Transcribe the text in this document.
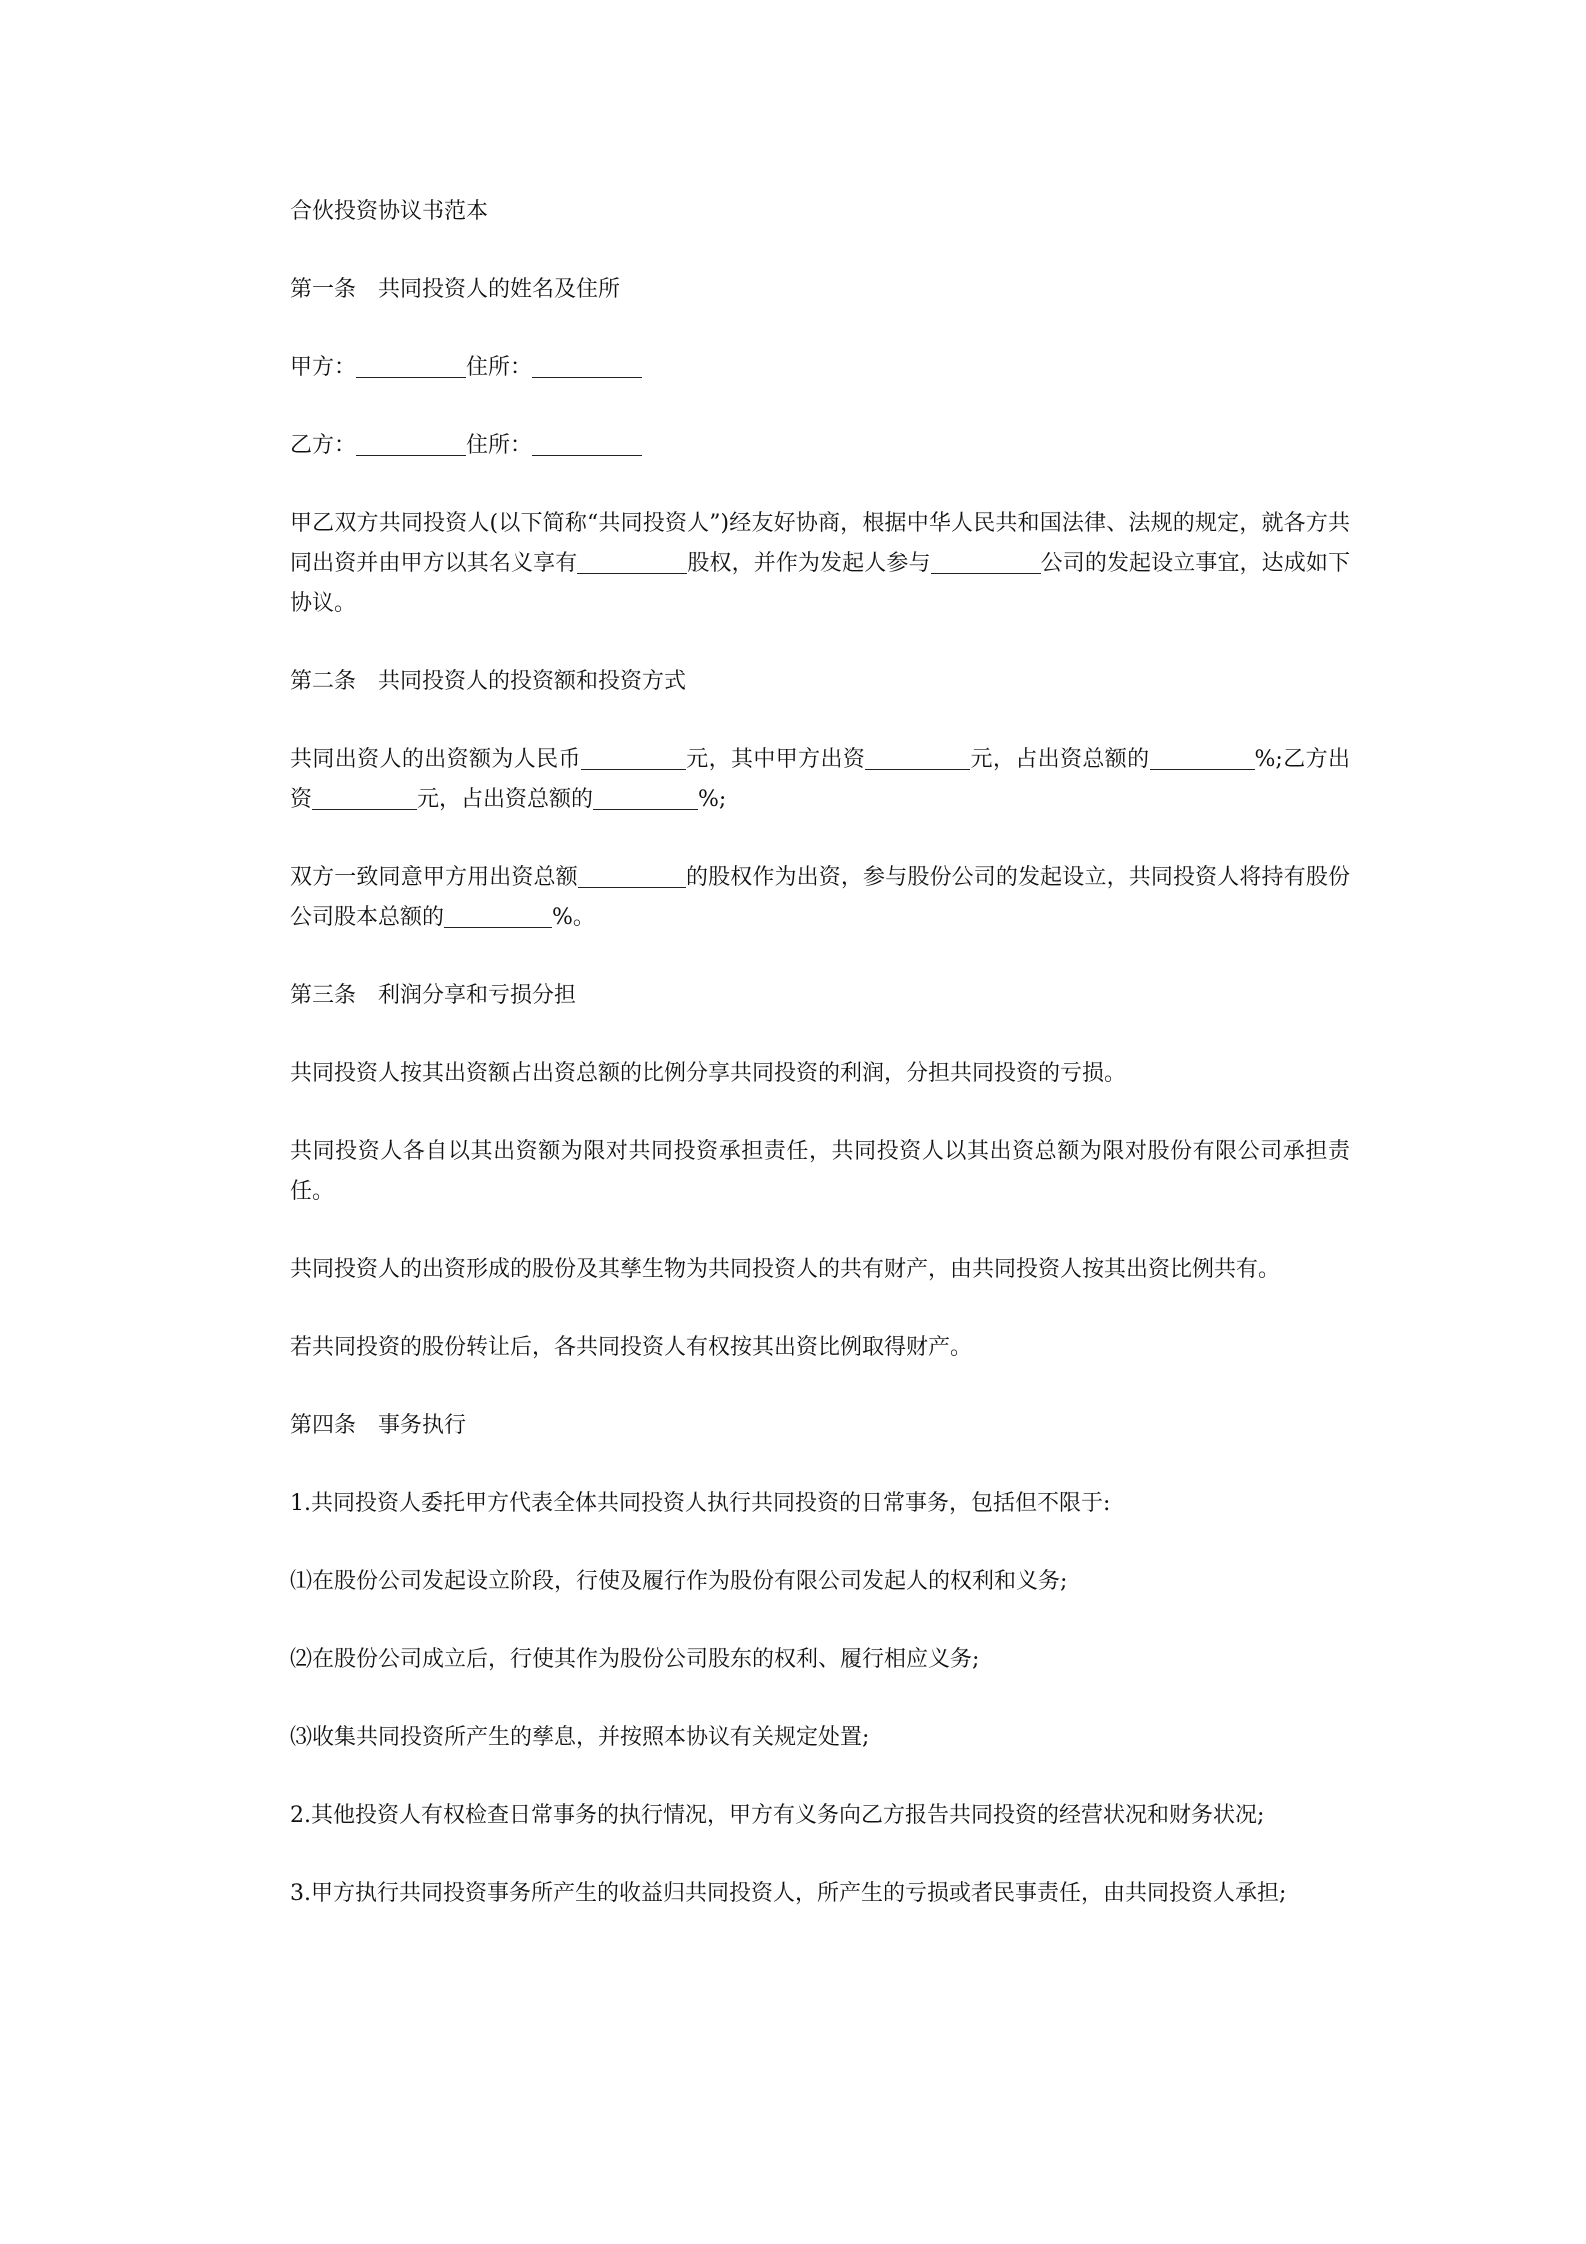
合伙投资协议书范本

第一条　共同投资人的姓名及住所

甲方：	住所：

乙方：	住所：

甲乙双方共同投资人(以下简称“共同投资人”)经友好协商，根据中华人民共和国法律、法规的规定，就各方共同出资并由甲方以其名义享有	股权，并作为发起人参与	公司的发起设立事宜，达成如下协议。

第二条　共同投资人的投资额和投资方式

共同出资人的出资额为人民币	元，其中甲方出资	元，占出资总额的	%;乙方出资	元，占出资总额的	%;

双方一致同意甲方用出资总额	的股权作为出资，参与股份公司的发起设立，共同投资人将持有股份公司股本总额的	%。

第三条　利润分享和亏损分担

共同投资人按其出资额占出资总额的比例分享共同投资的利润，分担共同投资的亏损。

共同投资人各自以其出资额为限对共同投资承担责任，共同投资人以其出资总额为限对股份有限公司承担责任。

共同投资人的出资形成的股份及其孳生物为共同投资人的共有财产，由共同投资人按其出资比例共有。

若共同投资的股份转让后，各共同投资人有权按其出资比例取得财产。

第四条　事务执行

1.共同投资人委托甲方代表全体共同投资人执行共同投资的日常事务，包括但不限于:

⑴在股份公司发起设立阶段，行使及履行作为股份有限公司发起人的权利和义务;

⑵在股份公司成立后，行使其作为股份公司股东的权利、履行相应义务;

⑶收集共同投资所产生的孳息，并按照本协议有关规定处置;

2.其他投资人有权检查日常事务的执行情况，甲方有义务向乙方报告共同投资的经营状况和财务状况;

3.甲方执行共同投资事务所产生的收益归共同投资人，所产生的亏损或者民事责任，由共同投资人承担;
